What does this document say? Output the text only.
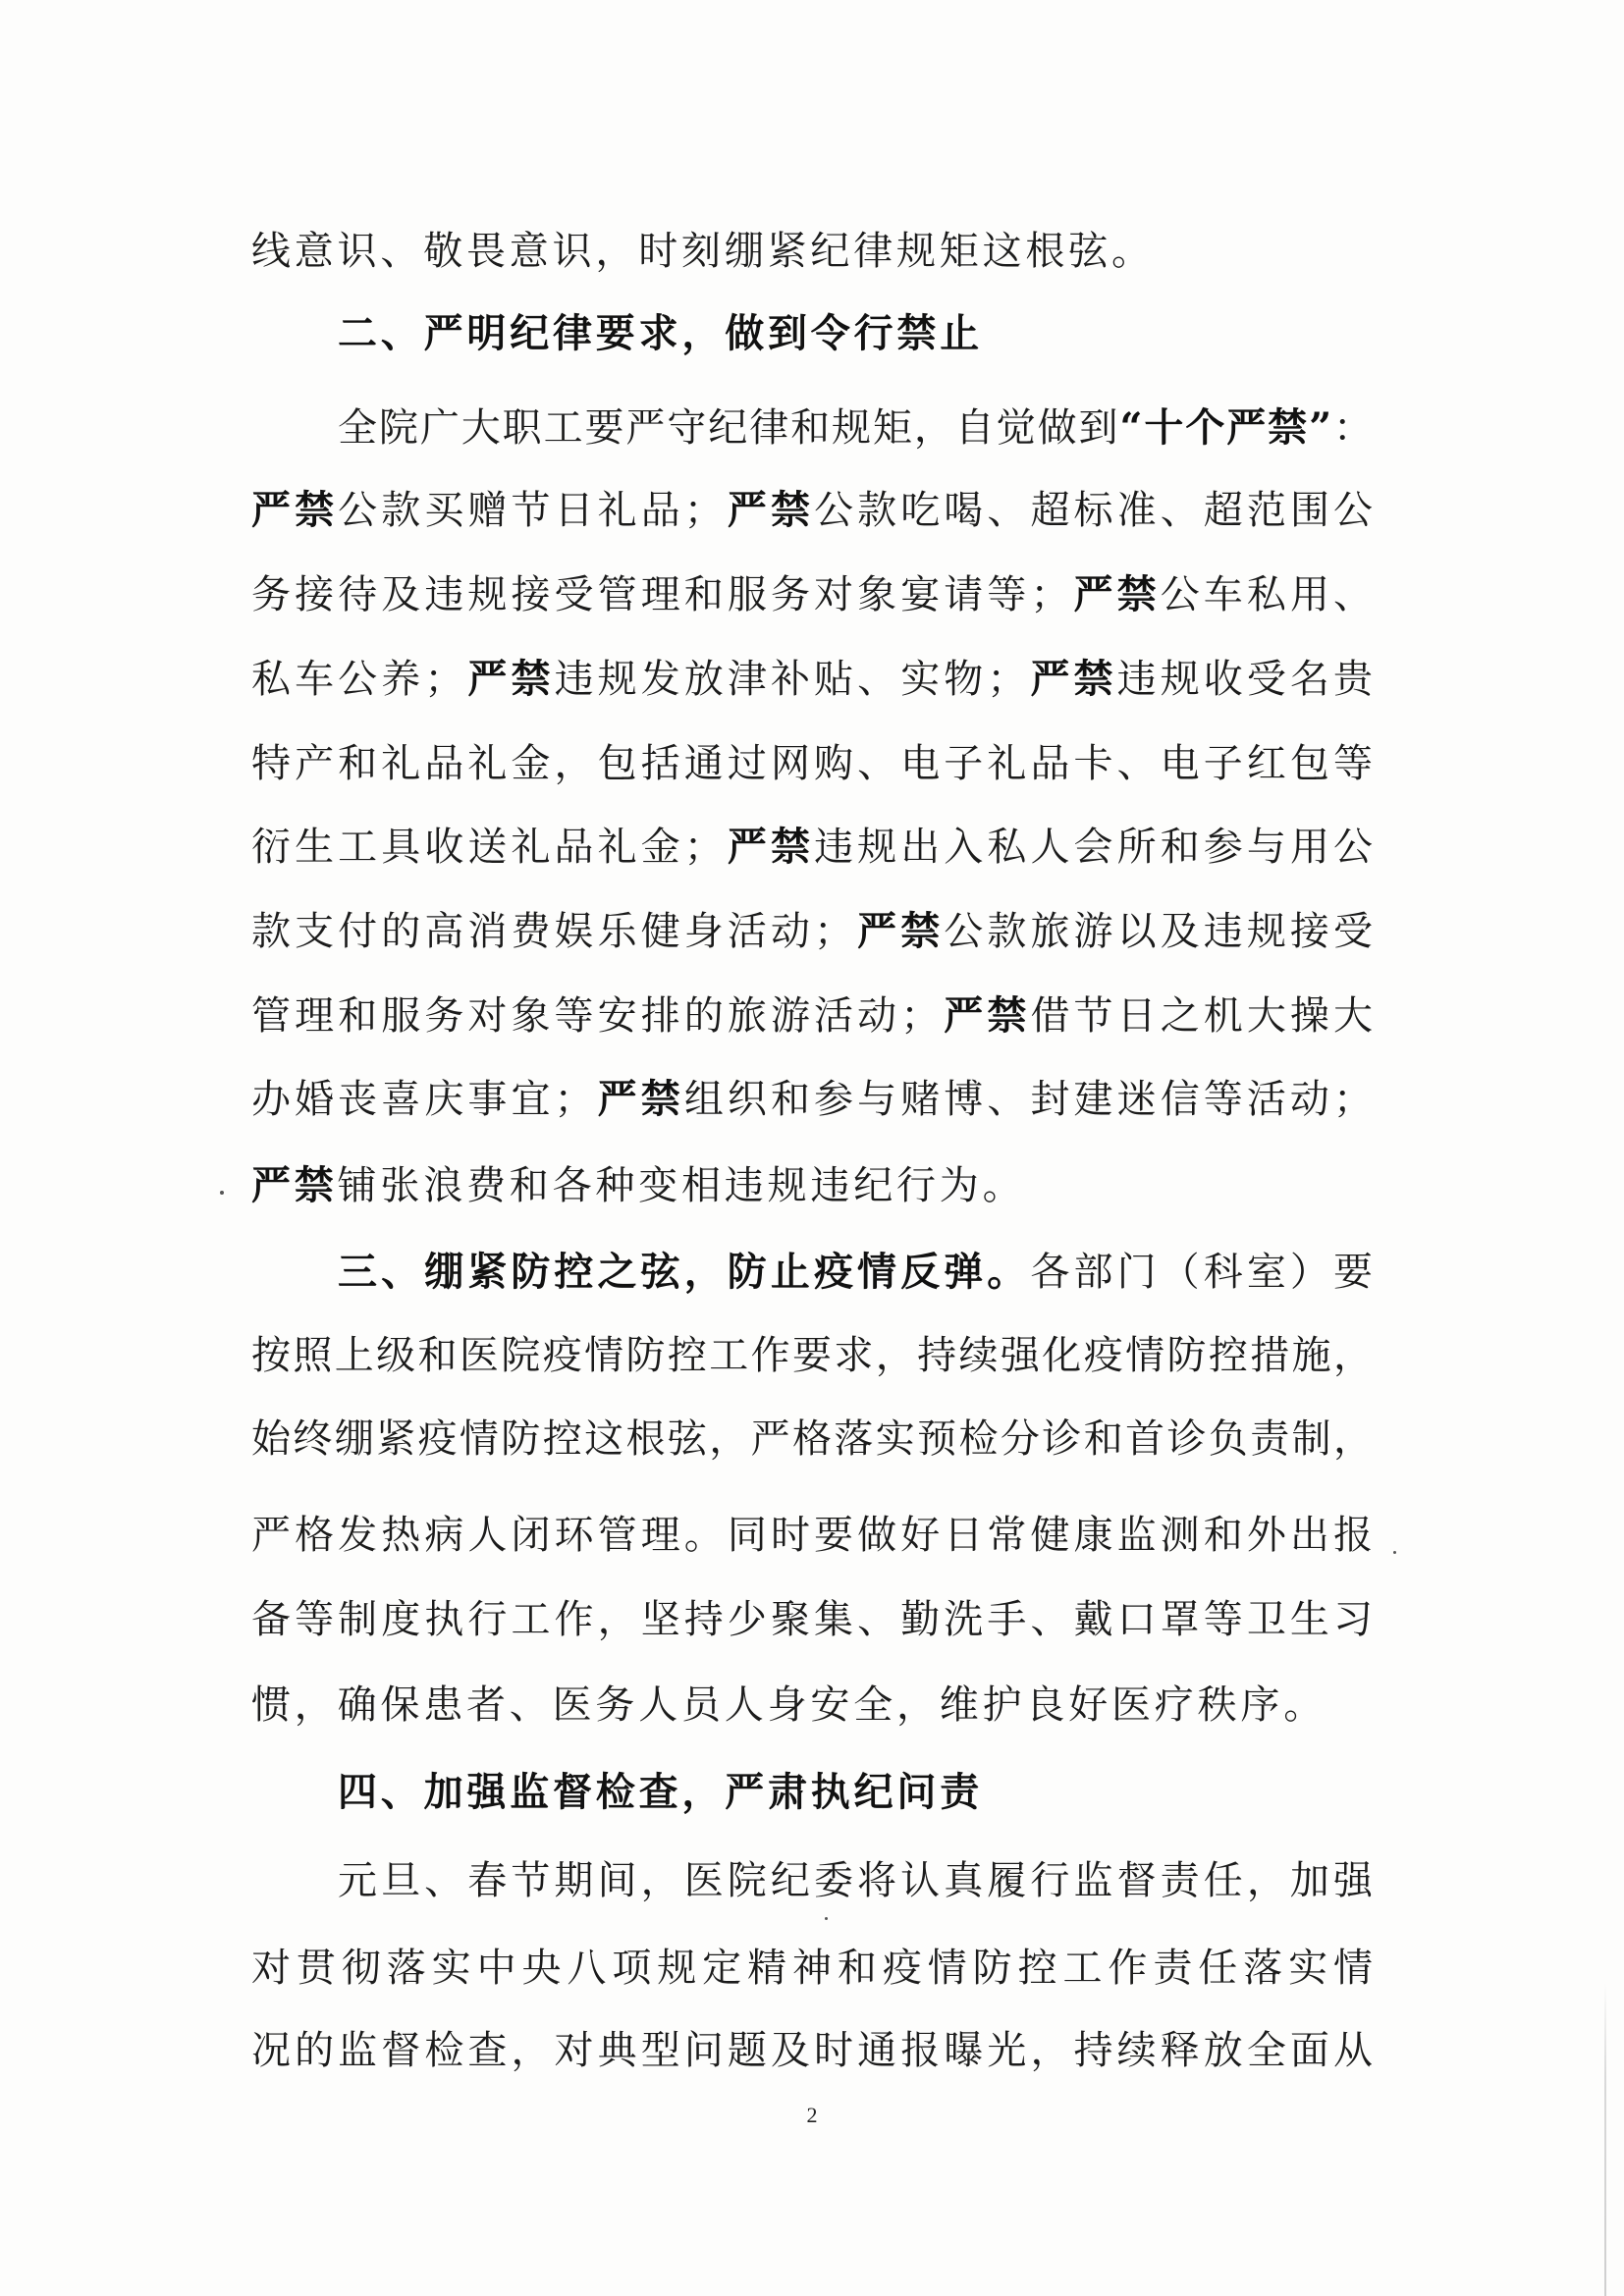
线意识、敬畏意识，时刻绷紧纪律规矩这根弦。
二、严明纪律要求，做到令行禁止
全院广大职工要严守纪律和规矩，自觉做到“十个严禁”：
严禁公款买赠节日礼品；严禁公款吃喝、超标准、超范围公
务接待及违规接受管理和服务对象宴请等；严禁公车私用、
私车公养；严禁违规发放津补贴、实物；严禁违规收受名贵
特产和礼品礼金，包括通过网购、电子礼品卡、电子红包等
衍生工具收送礼品礼金；严禁违规出入私人会所和参与用公
款支付的高消费娱乐健身活动；严禁公款旅游以及违规接受
管理和服务对象等安排的旅游活动；严禁借节日之机大操大
办婚丧喜庆事宜；严禁组织和参与赌博、封建迷信等活动；
严禁铺张浪费和各种变相违规违纪行为。
三、绷紧防控之弦，防止疫情反弹。各部门（科室）要
按照上级和医院疫情防控工作要求，持续强化疫情防控措施，
始终绷紧疫情防控这根弦，严格落实预检分诊和首诊负责制，
严格发热病人闭环管理。同时要做好日常健康监测和外出报
备等制度执行工作，坚持少聚集、勤洗手、戴口罩等卫生习
惯，确保患者、医务人员人身安全，维护良好医疗秩序。
四、加强监督检查，严肃执纪问责
元旦、春节期间，医院纪委将认真履行监督责任，加强
对贯彻落实中央八项规定精神和疫情防控工作责任落实情
况的监督检查，对典型问题及时通报曝光，持续释放全面从
2
